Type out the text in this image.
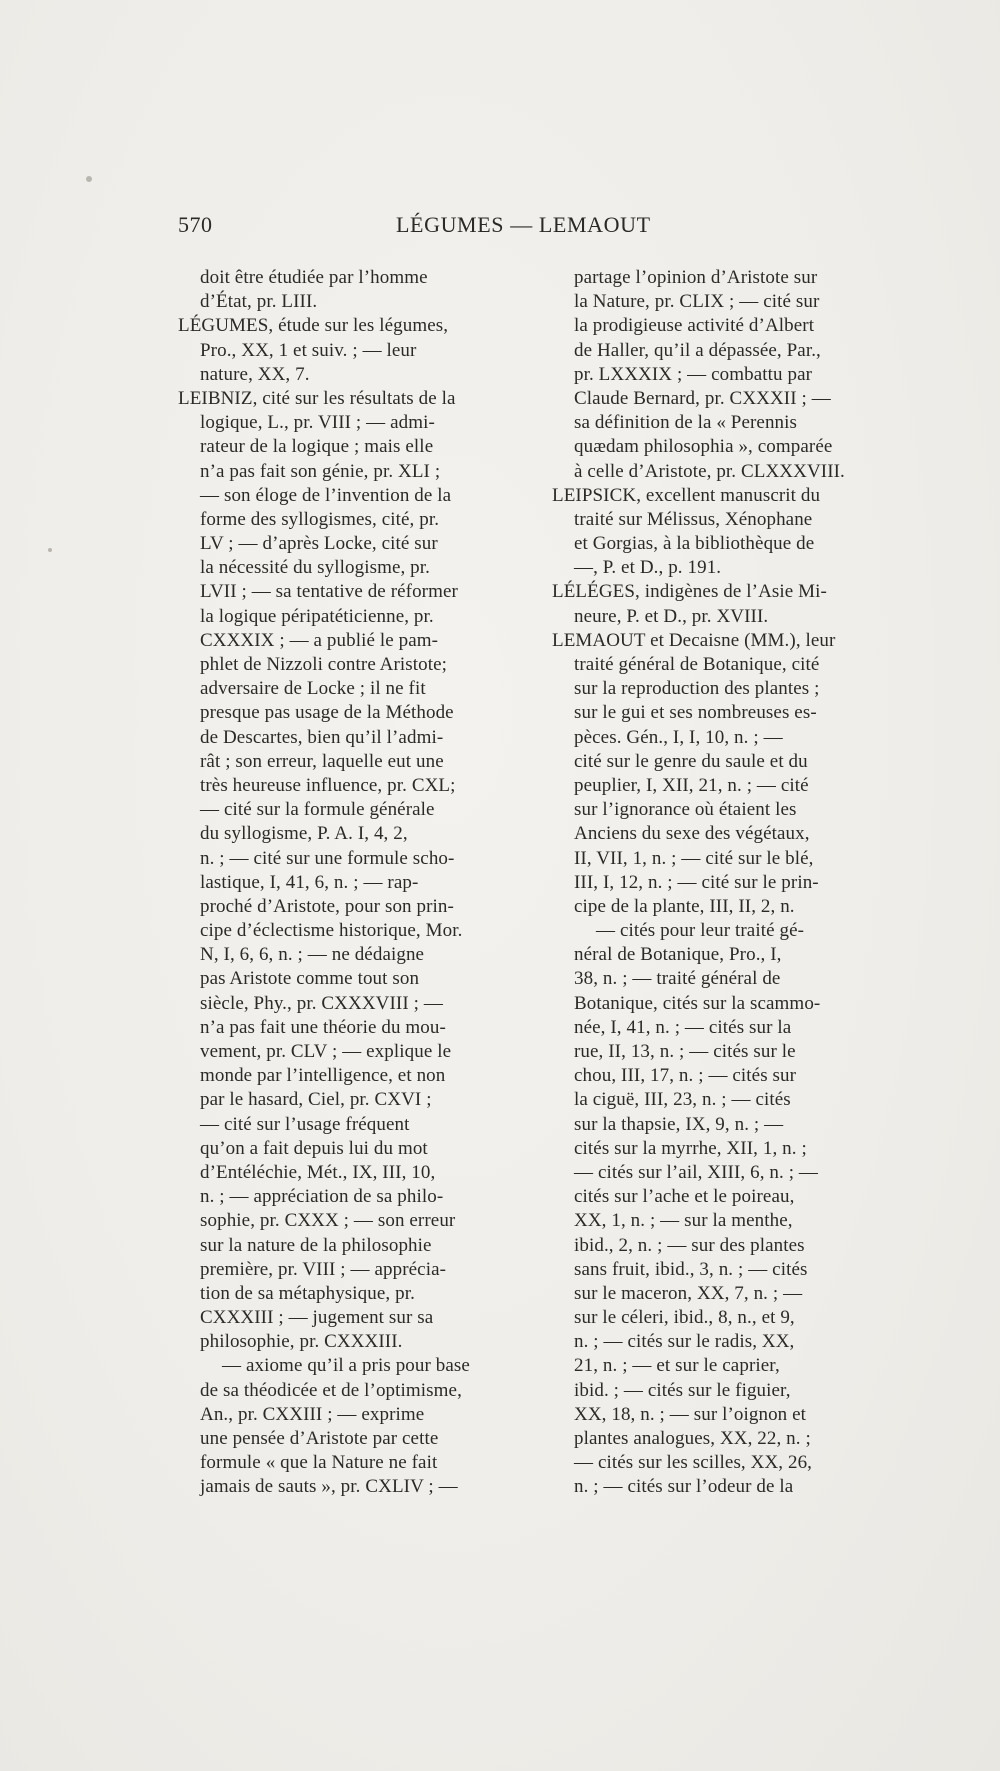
570	LÉGUMES — LEMAOUT
doit être étudiée par l’homme
d’État, pr. LIII.
LÉGUMES, étude sur les légumes,
Pro., XX, 1 et suiv. ; — leur
nature, XX, 7.
LEIBNIZ, cité sur les résultats de la
logique, L., pr. VIII ; — admi-
rateur de la logique ; mais elle
n’a pas fait son génie, pr. XLI ;
— son éloge de l’invention de la
forme des syllogismes, cité, pr.
LV ; — d’après Locke, cité sur
la nécessité du syllogisme, pr.
LVII ; — sa tentative de réformer
la logique péripatéticienne, pr.
CXXXIX ; — a publié le pam-
phlet de Nizzoli contre Aristote;
adversaire de Locke ; il ne fit
presque pas usage de la Méthode
de Descartes, bien qu’il l’admi-
rât ; son erreur, laquelle eut une
très heureuse influence, pr. CXL;
— cité sur la formule générale
du syllogisme, P. A. I, 4, 2,
n. ; — cité sur une formule scho-
lastique, I, 41, 6, n. ; — rap-
proché d’Aristote, pour son prin-
cipe d’éclectisme historique, Mor.
N, I, 6, 6, n. ; — ne dédaigne
pas Aristote comme tout son
siècle, Phy., pr. CXXXVIII ; —
n’a pas fait une théorie du mou-
vement, pr. CLV ; — explique le
monde par l’intelligence, et non
par le hasard, Ciel, pr. CXVI ;
— cité sur l’usage fréquent
qu’on a fait depuis lui du mot
d’Entéléchie, Mét., IX, III, 10,
n. ; — appréciation de sa philo-
sophie, pr. CXXX ; — son erreur
sur la nature de la philosophie
première, pr. VIII ; — apprécia-
tion de sa métaphysique, pr.
CXXXIII ; — jugement sur sa
philosophie, pr. CXXXIII.
— axiome qu’il a pris pour base
de sa théodicée et de l’optimisme,
An., pr. CXXIII ; — exprime
une pensée d’Aristote par cette
formule « que la Nature ne fait
jamais de sauts », pr. CXLIV ; —
partage l’opinion d’Aristote sur
la Nature, pr. CLIX ; — cité sur
la prodigieuse activité d’Albert
de Haller, qu’il a dépassée, Par.,
pr. LXXXIX ; — combattu par
Claude Bernard, pr. CXXXII ; —
sa définition de la « Perennis
quædam philosophia », comparée
à celle d’Aristote, pr. CLXXXVIII.
LEIPSICK, excellent manuscrit du
traité sur Mélissus, Xénophane
et Gorgias, à la bibliothèque de
—, P. et D., p. 191.
LÉLÉGES, indigènes de l’Asie Mi-
neure, P. et D., pr. XVIII.
LEMAOUT et Decaisne (MM.), leur
traité général de Botanique, cité
sur la reproduction des plantes ;
sur le gui et ses nombreuses es-
pèces. Gén., I, I, 10, n. ; —
cité sur le genre du saule et du
peuplier, I, XII, 21, n. ; — cité
sur l’ignorance où étaient les
Anciens du sexe des végétaux,
II, VII, 1, n. ; — cité sur le blé,
III, I, 12, n. ; — cité sur le prin-
cipe de la plante, III, II, 2, n.
— cités pour leur traité gé-
néral de Botanique, Pro., I,
38, n. ; — traité général de
Botanique, cités sur la scammo-
née, I, 41, n. ; — cités sur la
rue, II, 13, n. ; — cités sur le
chou, III, 17, n. ; — cités sur
la ciguë, III, 23, n. ; — cités
sur la thapsie, IX, 9, n. ; —
cités sur la myrrhe, XII, 1, n. ;
— cités sur l’ail, XIII, 6, n. ; —
cités sur l’ache et le poireau,
XX, 1, n. ; — sur la menthe,
ibid., 2, n. ; — sur des plantes
sans fruit, ibid., 3, n. ; — cités
sur le maceron, XX, 7, n. ; —
sur le céleri, ibid., 8, n., et 9,
n. ; — cités sur le radis, XX,
21, n. ; — et sur le caprier,
ibid. ; — cités sur le figuier,
XX, 18, n. ; — sur l’oignon et
plantes analogues, XX, 22, n. ;
— cités sur les scilles, XX, 26,
n. ; — cités sur l’odeur de la
